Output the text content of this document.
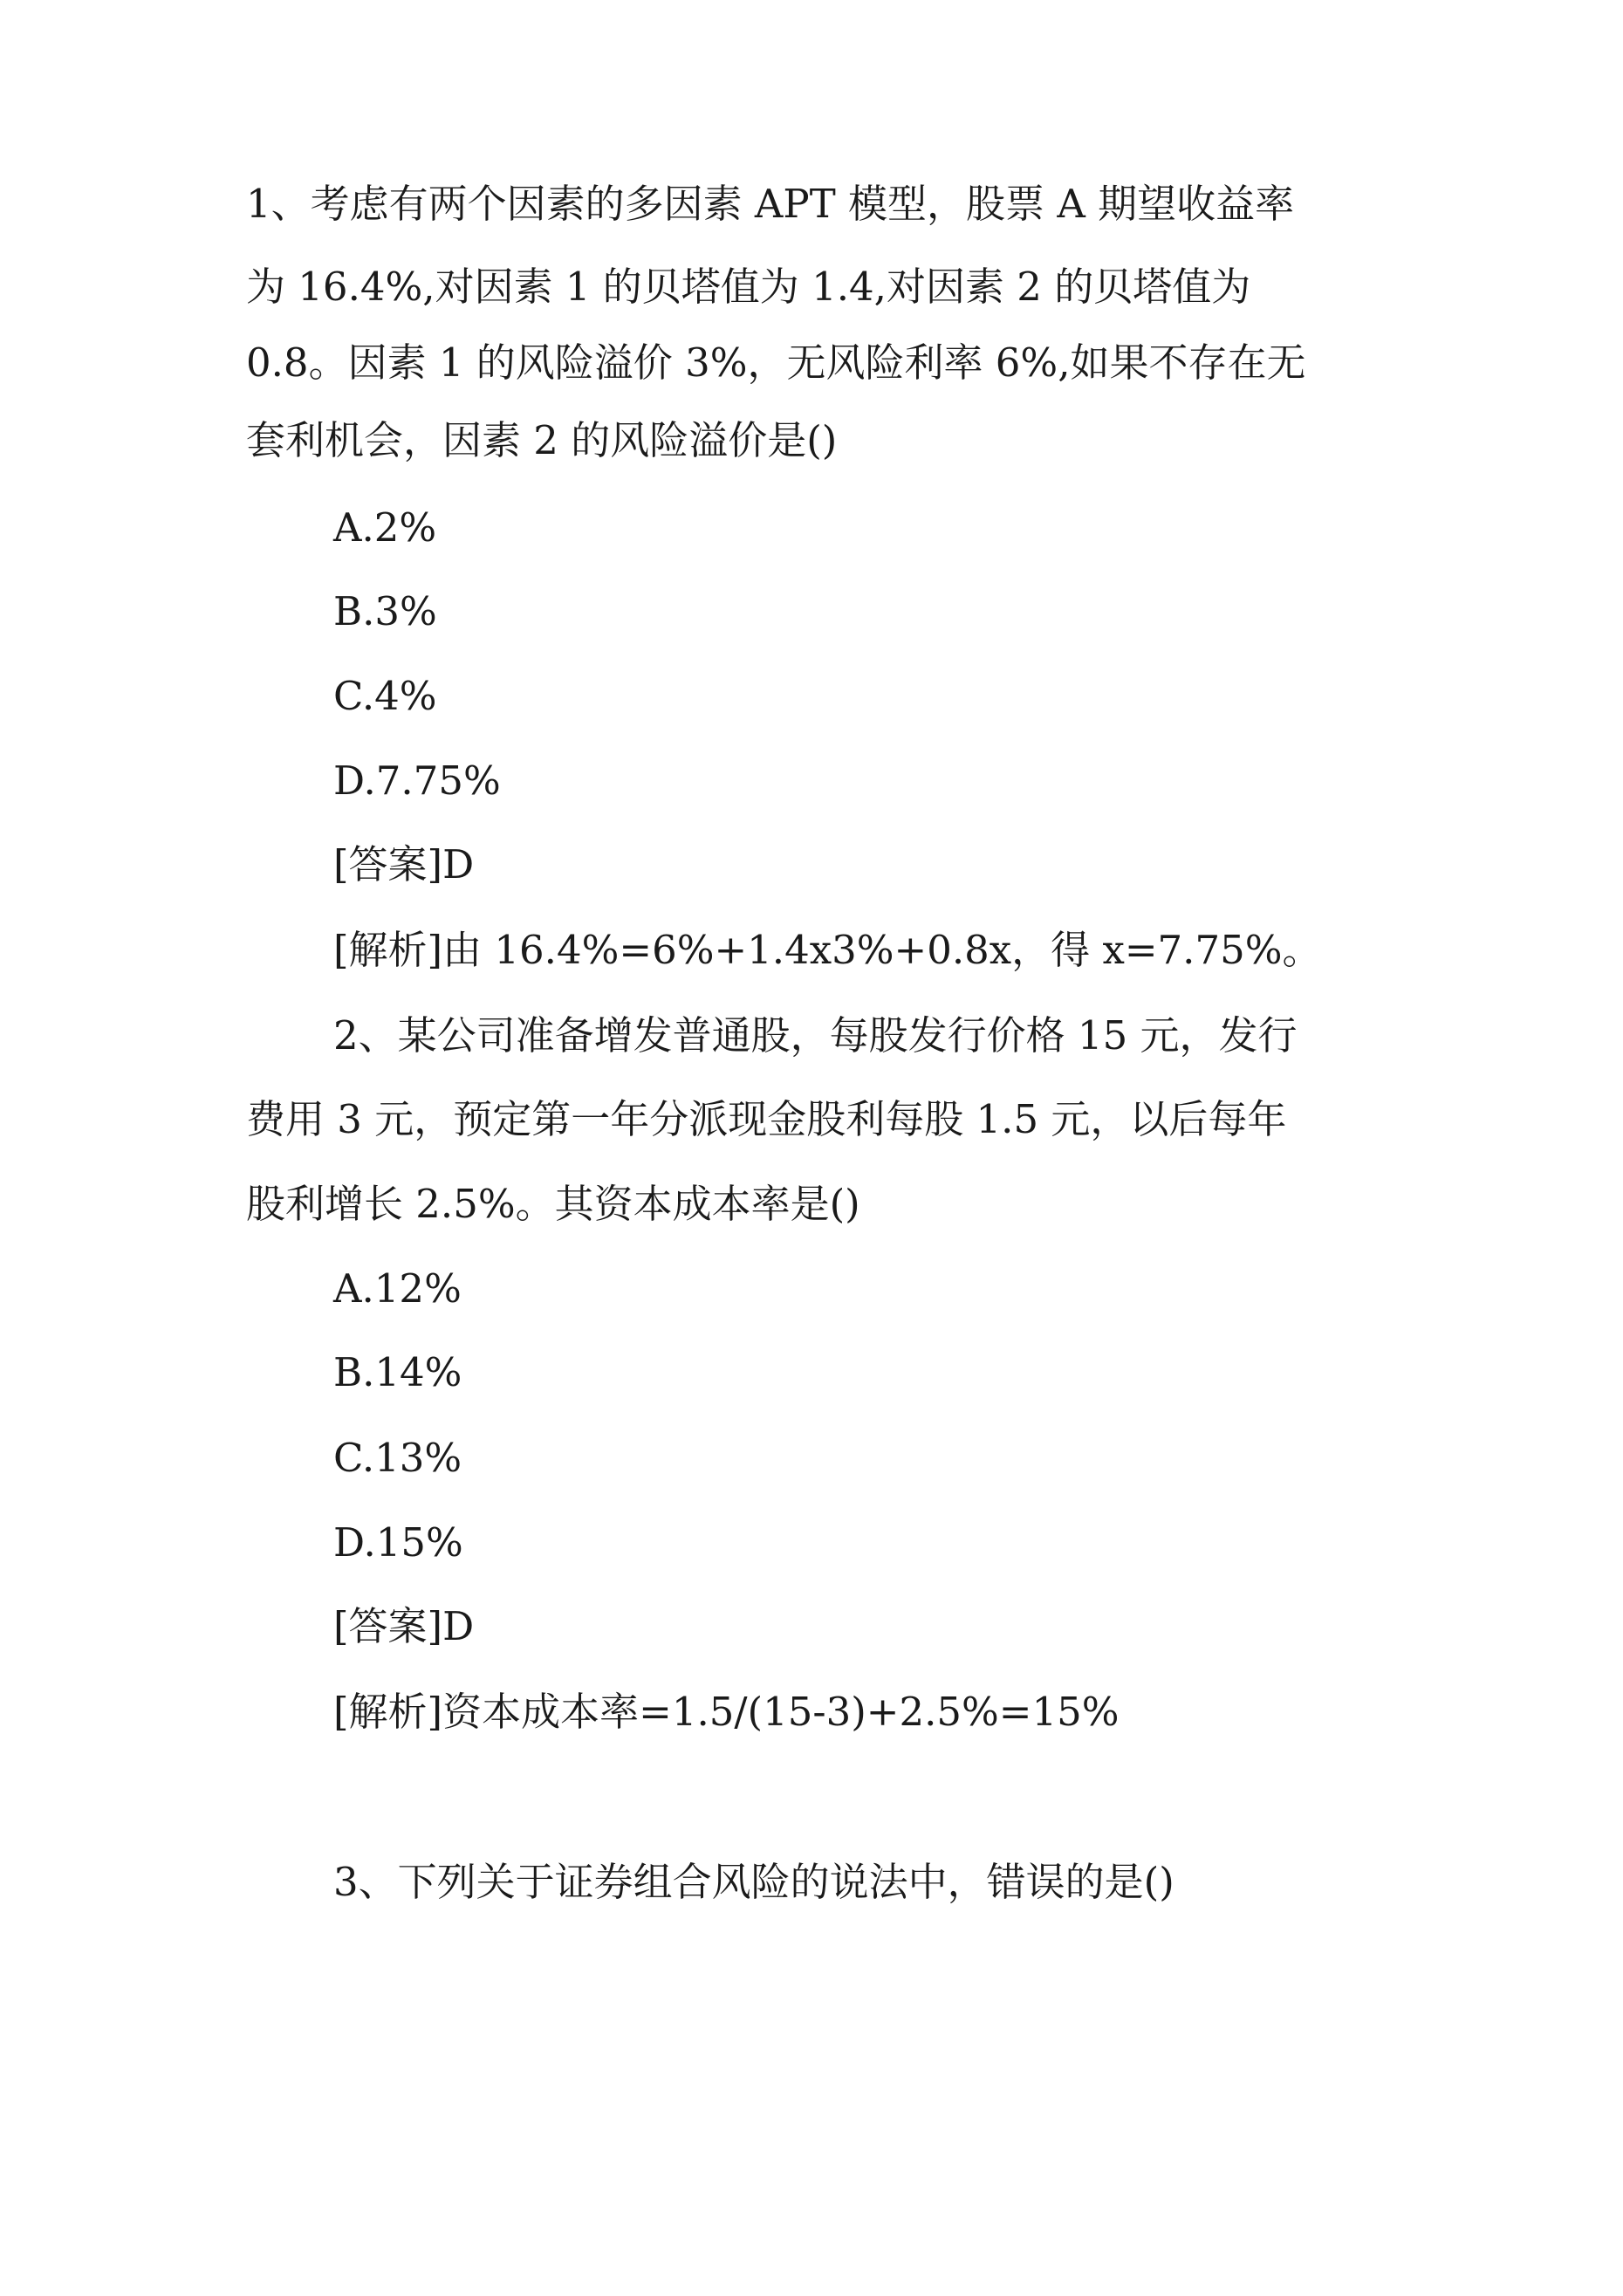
1、考虑有两个因素的多因素 APT 模型，股票 A 期望收益率

为 16.4%,对因素 1 的贝塔值为 1.4,对因素 2 的贝塔值为

0.8。因素 1 的风险溢价 3%，无风险利率 6%,如果不存在无

套利机会，因素 2 的风险溢价是()

A.2%

B.3%

C.4%

D.7.75%

[答案]D

[解析]由 16.4%=6%+1.4x3%+0.8x，得 x=7.75%。

2、某公司准备增发普通股，每股发行价格 15 元，发行

费用 3 元，预定第一年分派现金股利每股 1.5 元，以后每年

股利增长 2.5%。其资本成本率是()

A.12%

B.14%

C.13%

D.15%

[答案]D

[解析]资本成本率=1.5/(15-3)+2.5%=15%

3、下列关于证券组合风险的说法中，错误的是()
